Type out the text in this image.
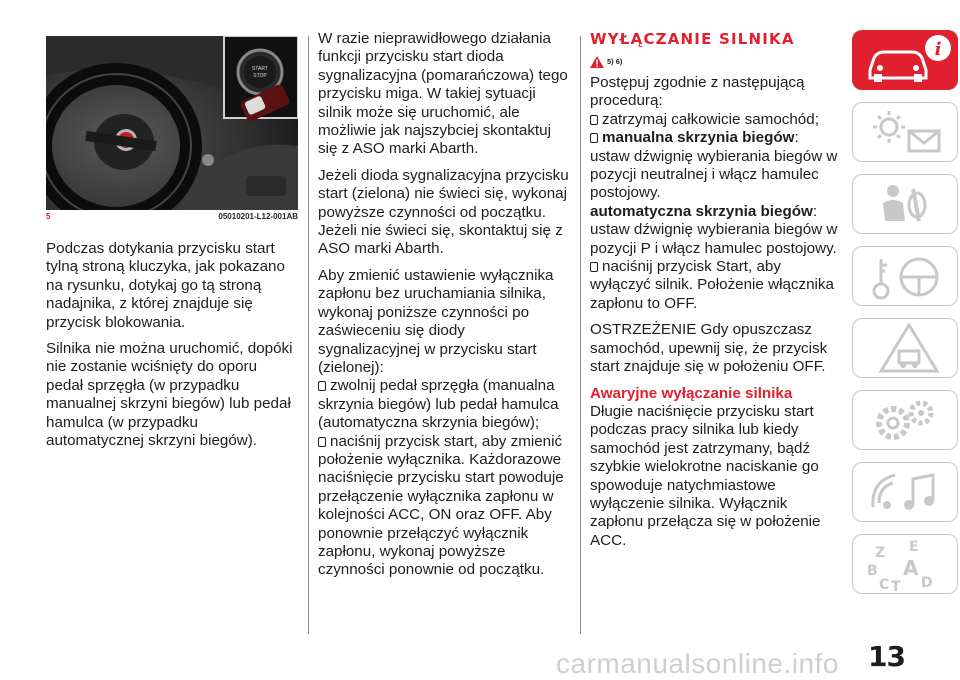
START
STOP
5	05010201-L12-001AB

Podczas dotykania przycisku start tylną stroną kluczyka, jak pokazano na rysunku, dotykaj go tą stroną nadajnika, z której znajduje się przycisk blokowania.

Silnika nie można uruchomić, dopóki nie zostanie wciśnięty do oporu pedał sprzęgła (w przypadku manualnej skrzyni biegów) lub pedał hamulca (w przypadku automatycznej skrzyni biegów).

W razie nieprawidłowego działania funkcji przycisku start dioda sygnalizacyjna (pomarańczowa) tego przycisku miga. W takiej sytuacji silnik może się uruchomić, ale możliwie jak najszybciej skontaktuj się z ASO marki Abarth.

Jeżeli dioda sygnalizacyjna przycisku start (zielona) nie świeci się, wykonaj powyższe czynności od początku. Jeżeli nie świeci się, skontaktuj się z ASO marki Abarth.

Aby zmienić ustawienie wyłącznika zapłonu bez uruchamiania silnika, wykonaj poniższe czynności po zaświeceniu się diody sygnalizacyjnej w przycisku start (zielonej):

zwolnij pedał sprzęgła (manualna skrzynia biegów) lub pedał hamulca (automatyczna skrzynia biegów);
naciśnij przycisk start, aby zmienić położenie wyłącznika. Każdorazowe naciśnięcie przycisku start powoduje przełączenie wyłącznika zapłonu w kolejności ACC, ON oraz OFF. Aby ponownie przełączyć wyłącznik zapłonu, wykonaj powyższe czynności ponownie od początku.
WYŁĄCZANIE SILNIKA
5) 6)

Postępuj zgodnie z następującą procedurą:

zatrzymaj całkowicie samochód;
manualna skrzynia biegów: ustaw dźwignię wybierania biegów w pozycji neutralnej i włącz hamulec postojowy.
automatyczna skrzynia biegów:
ustaw dźwignię wybierania biegów w pozycji P i włącz hamulec postojowy.
naciśnij przycisk Start, aby wyłączyć silnik. Położenie włącznika zapłonu to OFF.

OSTRZEŻENIE Gdy opuszczasz samochód, upewnij się, że przycisk start znajduje się w położeniu OFF.

Awaryjne wyłączanie silnika

Długie naciśnięcie przycisku start podczas pracy silnika lub kiedy samochód jest zatrzymany, bądź szybkie wielokrotne naciskanie go spowoduje natychmiastowe wyłączenie silnika. Wyłącznik zapłonu przełącza się w położenie ACC.

i
Z E
B A
C T D
carmanualsonline.info 13
